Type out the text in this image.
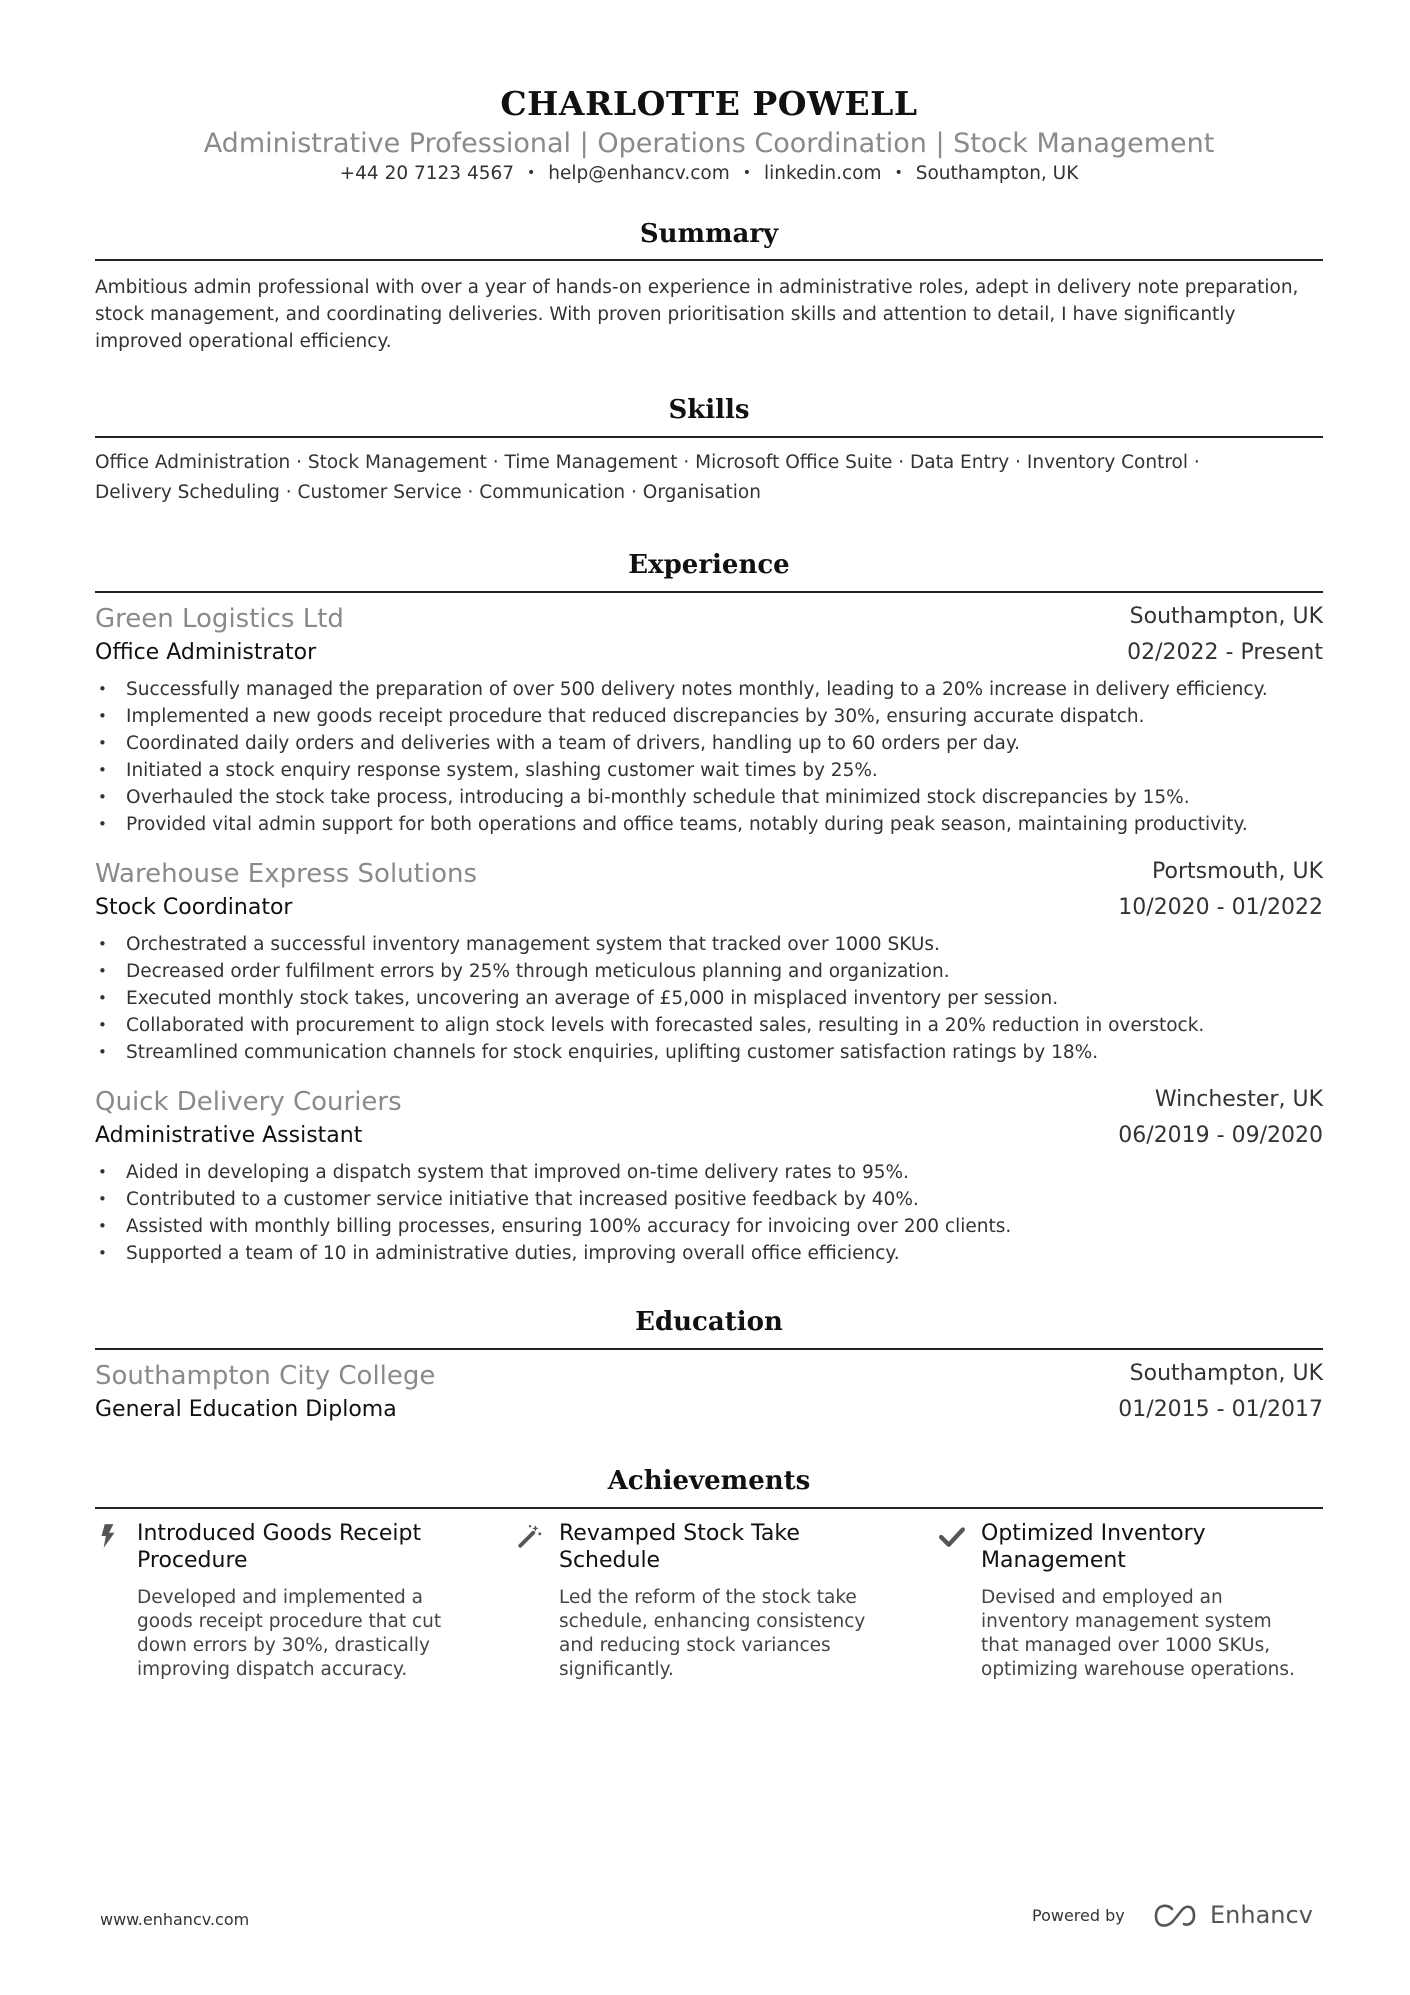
CHARLOTTE POWELL
Administrative Professional | Operations Coordination | Stock Management
+44 20 7123 4567 • help@enhancv.com • linkedin.com • Southampton, UK
Summary
Ambitious admin professional with over a year of hands-on experience in administrative roles, adept in delivery note preparation, stock management, and coordinating deliveries. With proven prioritisation skills and attention to detail, I have significantly improved operational efficiency.
Skills
Office Administration · Stock Management · Time Management · Microsoft Office Suite · Data Entry · Inventory Control ·
Delivery Scheduling · Customer Service · Communication · Organisation
Experience
Green Logistics Ltd	Southampton, UK
Office Administrator	02/2022 - Present
• Successfully managed the preparation of over 500 delivery notes monthly, leading to a 20% increase in delivery efficiency.
• Implemented a new goods receipt procedure that reduced discrepancies by 30%, ensuring accurate dispatch.
• Coordinated daily orders and deliveries with a team of drivers, handling up to 60 orders per day.
• Initiated a stock enquiry response system, slashing customer wait times by 25%.
• Overhauled the stock take process, introducing a bi-monthly schedule that minimized stock discrepancies by 15%.
• Provided vital admin support for both operations and office teams, notably during peak season, maintaining productivity.
Warehouse Express Solutions	Portsmouth, UK
Stock Coordinator	10/2020 - 01/2022
• Orchestrated a successful inventory management system that tracked over 1000 SKUs.
• Decreased order fulfilment errors by 25% through meticulous planning and organization.
• Executed monthly stock takes, uncovering an average of £5,000 in misplaced inventory per session.
• Collaborated with procurement to align stock levels with forecasted sales, resulting in a 20% reduction in overstock.
• Streamlined communication channels for stock enquiries, uplifting customer satisfaction ratings by 18%.
Quick Delivery Couriers	Winchester, UK
Administrative Assistant	06/2019 - 09/2020
• Aided in developing a dispatch system that improved on-time delivery rates to 95%.
• Contributed to a customer service initiative that increased positive feedback by 40%.
• Assisted with monthly billing processes, ensuring 100% accuracy for invoicing over 200 clients.
• Supported a team of 10 in administrative duties, improving overall office efficiency.
Education
Southampton City College	Southampton, UK
General Education Diploma	01/2015 - 01/2017
Achievements
Introduced Goods Receipt Procedure
Developed and implemented a goods receipt procedure that cut down errors by 30%, drastically improving dispatch accuracy.
Revamped Stock Take Schedule
Led the reform of the stock take schedule, enhancing consistency and reducing stock variances significantly.
Optimized Inventory Management
Devised and employed an inventory management system that managed over 1000 SKUs, optimizing warehouse operations.
www.enhancv.com	Powered by	Enhancv
